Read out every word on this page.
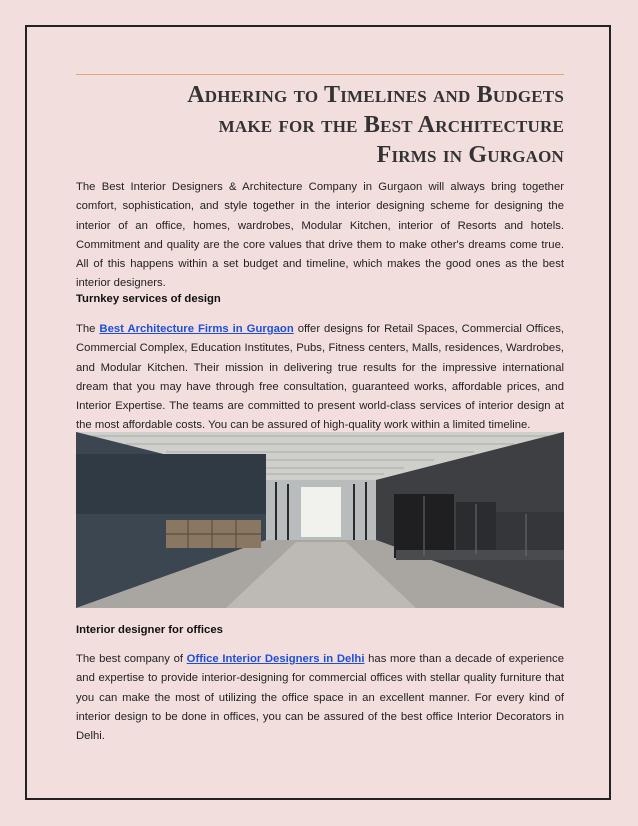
Adhering to Timelines and Budgets
make for the Best Architecture
Firms in Gurgaon

The Best Interior Designers & Architecture Company in Gurgaon will always bring together comfort, sophistication, and style together in the interior designing scheme for designing the interior of an office, homes, wardrobes, Modular Kitchen, interior of Resorts and hotels. Commitment and quality are the core values that drive them to make other's dreams come true. All of this happens within a set budget and timeline, which makes the good ones as the best interior designers.

Turnkey services of design

The Best Architecture Firms in Gurgaon offer designs for Retail Spaces, Commercial Offices, Commercial Complex, Education Institutes, Pubs, Fitness centers, Malls, residences, Wardrobes, and Modular Kitchen. Their mission in delivering true results for the impressive international dream that you may have through free consultation, guaranteed works, affordable prices, and Interior Expertise. The teams are committed to present world-class services of interior design at the most affordable costs. You can be assured of high-quality work within a limited timeline.

Interior designer for offices

The best company of Office Interior Designers in Delhi has more than a decade of experience and expertise to provide interior-designing for commercial offices with stellar quality furniture that you can make the most of utilizing the office space in an excellent manner. For every kind of interior design to be done in offices, you can be assured of the best office Interior Decorators in Delhi.
